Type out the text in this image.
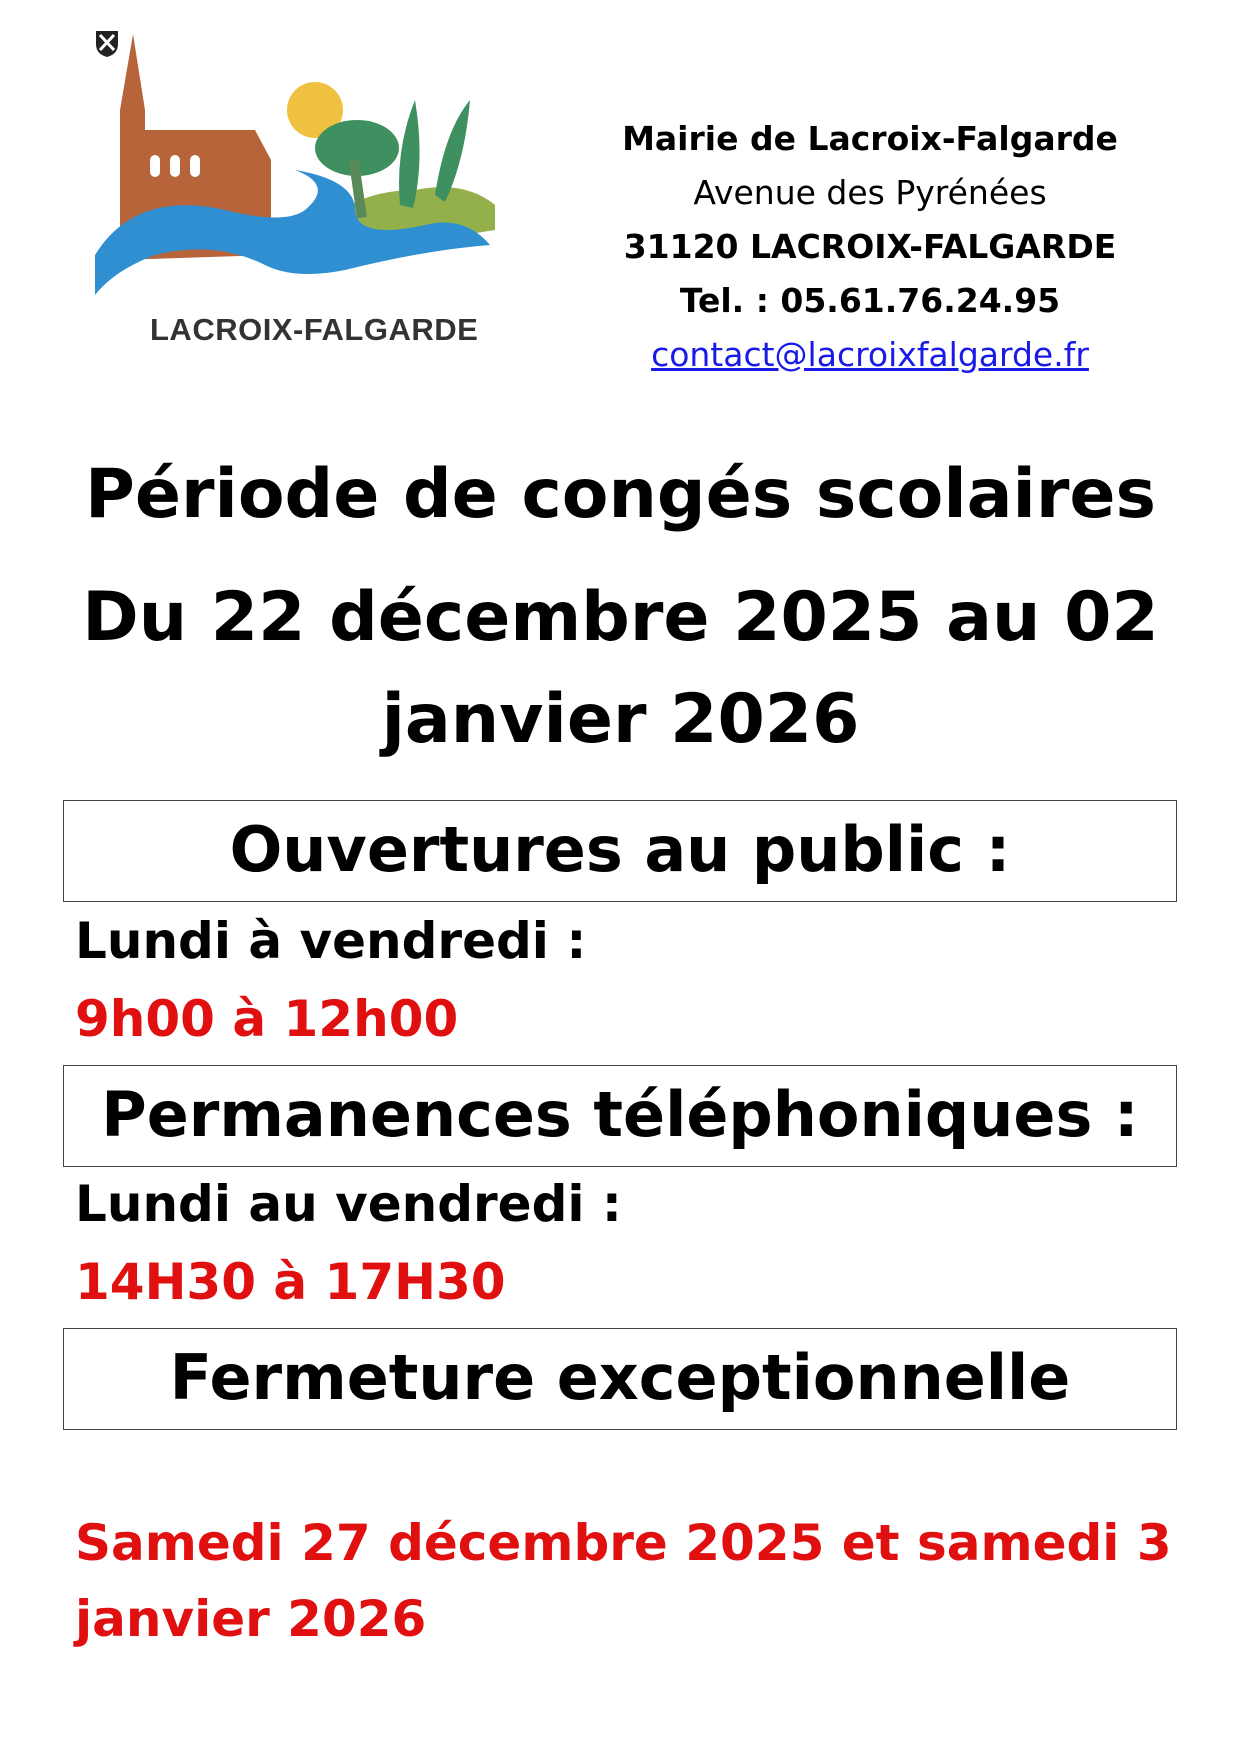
LACROIX-FALGARDE
Mairie de Lacroix-Falgarde
Avenue des Pyrénées
31120 LACROIX-FALGARDE
Tel. : 05.61.76.24.95
contact@lacroixfalgarde.fr
Période de congés scolaires
Du 22 décembre 2025 au 02
janvier 2026
Ouvertures au public :
Lundi à vendredi :
9h00 à 12h00
Permanences téléphoniques :
Lundi au vendredi :
14H30 à 17H30
Fermeture exceptionnelle
Samedi 27 décembre 2025 et samedi 3
janvier 2026
